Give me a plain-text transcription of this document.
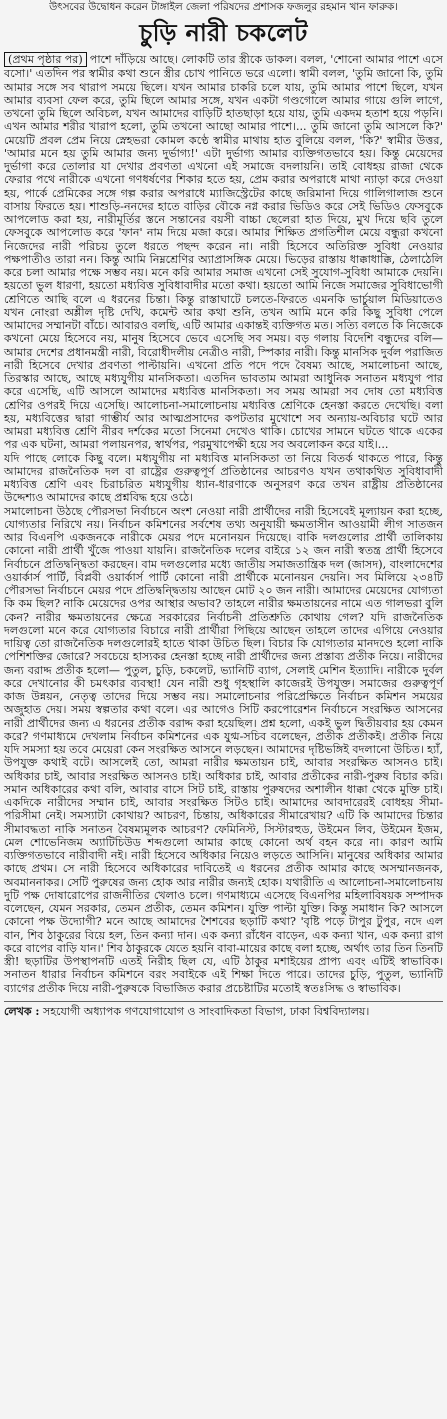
উৎসবের উদ্বোধন করেন টাঙ্গাইল জেলা পরিষদের প্রশাসক ফজলুর রহমান খান ফারুক।
চুড়ি নারী চকলেট

(প্রথম পৃষ্ঠার পর) পাশে দাঁড়িয়ে আছে। লোকটি তার স্ত্রীকে ডাকল। বলল, 'শোনো আমার পাশে এসে বসো।' এতদিন পর স্বামীর কথা শুনে স্ত্রীর চোখ পানিতে ভরে এলো। স্বামী বলল, 'তুমি জানো কি, তুমি আমার সঙ্গে সব থারাপ সময়ে ছিলে। যখন আমার চাকরি চলে যায়, তুমি আমার পাশে ছিলে, যখন আমার ব্যবসা ফেল করে, তুমি ছিলে আমার সঙ্গে, যখন একটা গণ্ডগোলে আমার গায়ে গুলি লাগে, তখনো তুমি ছিলে অবিচল, যখন আমাদের বাড়িটি হাতছাড়া হয়ে যায়, তুমি একদম হতাশ হয়ে পড়নি। এখন আমার শরীর খারাপ হলো, তুমি তখনো আছো আমার পাশে।... তুমি জানো তুমি আসলে কি?' মেয়েটি প্রবল প্রেম নিয়ে স্নেহভরা কোমল কণ্ঠে স্বামীর মাথায় হাত বুলিয়ে বলল, 'কি?' স্বামীর উত্তর, 'আমার মনে হয় তুমি আমার জন্য দুর্ভাগ্য!' এটা দুর্ভাগ্য আমার ব্যক্তিগতভাবে হয়। কিন্তু মেয়েদের দুর্ভাগা করে তোলার যা দেখার প্রবণতা এখনো এই সমাজে বদলায়নি। তাই বোধহয় রাজা থেকে ফেরার পথে নারীকে এখনো গণধর্ষণের শিকার হতে হয়, প্রেম করার অপরাধে মাথা ন্যাড়া করে দেওয়া হয়, পার্কে প্রেমিকের সঙ্গে গল্প করার অপরাধে ম্যাজিস্ট্রেটের কাছে জরিমানা দিয়ে গালিগালাজ শুনে বাসায় ফিরতে হয়। শাশুড়ি-ননদের হাতে বাড়ির বৌকে নগ্ন করার ভিডিও করে সেই ভিডিও ফেসবুকে আপলোড করা হয়, নারীমূর্তির স্তনে সন্তানের বয়সী বাচ্চা ছেলেরা হাত দিয়ে, মুখ দিয়ে ছবি তুলে ফেসবুকে আপলোড করে 'ফান' নাম দিয়ে মজা করে। আমার শিক্ষিত প্রগতিশীল মেয়ে বন্ধুরা কখনো নিজেদের নারী পরিচয় তুলে ধরতে পছন্দ করেন না। নারী হিসেবে অতিরিক্ত সুবিধা নেওয়ার পক্ষপাতীও তারা নন। কিন্তু আমি নিম্নশ্রেণির অ্যাপ্রাসঙ্গিক মেয়ে। ভিড়ের রাস্তায় ধাক্কাধাক্কি, ঠেলাঠেলি করে চলা আমার পক্ষে সম্ভব নয়। মনে করি আমার সমাজ এখনো সেই সুযোগ-সুবিধা আমাকে দেয়নি। হয়তো ভুল ধারণা, হয়তো মধ্যবিত্ত সুবিধাবাদীর মতো কথা। হয়তো আমি নিজে সমাজের সুবিধাভোগী শ্রেণিতে আছি বলে এ ধরনের চিন্তা। কিন্তু রাস্তাঘাটে চলতে-ফিরতে এমনকি ভার্চুয়াল মিডিয়াতেও যখন নোংরা অশ্লীল দৃষ্টি দেখি, কমেন্ট আর কথা শুনি, তখন আমি মনে করি কিছু সুবিধা পেলে আমাদের সম্মানটা বাঁচে। আবারও বলছি, এটি আমার একান্তই ব্যক্তিগত মত। সত্যি বলতে কি নিজেকে কখনো মেয়ে হিসেবে নয়, মানুষ হিসেবে ভেবে এসেছি সব সময়। বড় গলায় বিদেশি বন্ধুদের বলি— আমার দেশের প্রধানমন্ত্রী নারী, বিরোধীদলীয় নেত্রীও নারী, স্পিকার নারী। কিন্তু মানসিক দুর্বল পরাজিত নারী হিসেবে দেখার প্রবণতা পাল্টায়নি। এখনো প্রতি পদে পদে বৈষম্য আছে, সমালোচনা আছে, তিরস্কার আছে, আছে মধ্যযুগীয় মানসিকতা। এতদিন ভাবতাম আমরা আধুনিক সনাতন মধ্যযুগ পার করে এসেছি, এটি আসলে আমাদের মধ্যবিত্ত মানসিকতা। সব সময় আমরা সব দোষ তো মধ্যবিত্ত শ্রেণির ওপরই দিয়ে এসেছি। আলোচনা-সমালোচনায় মধ্যবিত্ত শ্রেণিকে হেনস্তা করতে দেখেছি। বলা হয়, মধ্যবিত্তের দ্বারা গাম্ভীর্য আর আত্মপ্রসাদের কপটতার মুখোশে সব অন্যায়-অবিচার ঘটে আর আমরা মধ্যবিত্ত শ্রেণি নীরব দর্শকের মতো সিনেমা দেখেও থাকি। চোখের সামনে ঘটতে থাকে একের পর এক ঘটনা, আমরা পলায়নপর, স্বার্থপর, পরমুখাপেক্ষী হয়ে সব অবলোকন করে যাই।...

যদি পাছে লোকে কিছু বলে। মধ্যযুগীয় না মধ্যবিত্ত মানসিকতা তা নিয়ে বিতর্ক থাকতে পারে, কিন্তু আমাদের রাজনৈতিক দল বা রাষ্ট্রের গুরুত্বপূর্ণ প্রতিষ্ঠানের আচরণও যখন তথাকথিত সুবিধাবাদী মধ্যবিত্ত শ্রেণি এবং চিরাচরিত মধ্যযুগীয় ধ্যান-ধারণাকে অনুসরণ করে তখন রাষ্ট্রীয় প্রতিষ্ঠানের উদ্দেশ্যও আমাদের কাছে প্রশ্নবিদ্ধ হয়ে ওঠে।

সমালোচনা উঠছে পৌরসভা নির্বাচনে অংশ নেওয়া নারী প্রার্থীদের নারী হিসেবেই মূল্যায়ন করা হচ্ছে, যোগ্যতার নিরিখে নয়। নির্বাচন কমিশনের সর্বশেষ তথ্য অনুযায়ী ক্ষমতাসীন আওয়ামী লীগ সাতজন আর বিএনপি একজনকে নারীকে মেয়র পদে মনোনয়ন দিয়েছে। বাকি দলগুলোর প্রার্থী তালিকায় কোনো নারী প্রার্থী খুঁজে পাওয়া যায়নি। রাজনৈতিক দলের বাইরে ১২ জন নারী স্বতন্ত্র প্রার্থী হিসেবে নির্বাচনে প্রতিদ্বন্দ্বিতা করছেন। বাম দলগুলোর মধ্যে জাতীয় সমাজতান্ত্রিক দল (জাসদ), বাংলাদেশের ওয়ার্কার্স পার্টি, বিপ্লবী ওয়ার্কার্স পার্টি কোনো নারী প্রার্থীকে মনোনয়ন দেয়নি। সব মিলিয়ে ২৩৪টি পৌরসভা নির্বাচনে মেয়র পদে প্রতিদ্বন্দ্বিতায় আছেন মোট ২০ জন নারী। আমাদের মেয়েদের যোগ্যতা কি কম ছিল? নাকি মেয়েদের ওপর আস্থার অভাব? তাহলে নারীর ক্ষমতায়নের নামে এত গালভরা বুলি কেন? নারীর ক্ষমতায়নের ক্ষেত্রে সরকারের নির্বাচনী প্রতিশ্রুতি কোথায় গেল? যদি রাজনৈতিক দলগুলো মনে করে যোগ্যতার বিচারে নারী প্রার্থীরা পিছিয়ে আছেন তাহলে তাদের এগিয়ে নেওয়ার দায়িত্ব তো রাজনৈতিক দলগুলোরই হাতে থাকা উচিত ছিল। বিচার কি যোগ্যতার মানদণ্ডে হলো নাকি পেশিশক্তির জোরে? সবচেয়ে হাস্যকর হেনস্তা হচ্ছে নারী প্রার্থীদের জন্য প্রস্তাব্য প্রতীক নিয়ে। নারীদের জন্য বরাদ্দ প্রতীক হলো— পুতুল, চুড়ি, চকলেট, ভ্যানিটি ব্যাগ, সেলাই মেশিন ইত্যাদি। নারীকে দুর্বল করে দেখানোর কী চমৎকার ব্যবস্থা! যেন নারী শুধু গৃহস্থালি কাজেরই উপযুক্ত। সমাজের গুরুত্বপূর্ণ কাজ উন্নয়ন, নেতৃত্ব তাদের দিয়ে সম্ভব নয়। সমালোচনার পরিপ্রেক্ষিতে নির্বাচন কমিশন সময়ের অজুহাত দেয়। সময় স্বল্পতার কথা বলে। এর আগেও সিটি করপোরেশন নির্বাচনে সংরক্ষিত আসনের নারী প্রার্থীদের জন্য এ ধরনের প্রতীক বরাদ্দ করা হয়েছিল। প্রশ্ন হলো, একই ভুল দ্বিতীয়বার হয় কেমন করে? গণমাধ্যমে দেখলাম নির্বাচন কমিশনের এক যুগ্ম-সচিব বলেছেন, প্রতীক প্রতীকই। প্রতীক নিয়ে যদি সমস্যা হয় তবে মেয়েরা কেন সংরক্ষিত আসনে লড়ছেন। আমাদের দৃষ্টিভঙ্গিই বদলানো উচিত। হ্যাঁ, উপযুক্ত কথাই বটে। আসলেই তো, আমরা নারীর ক্ষমতায়ন চাই, আবার সংরক্ষিত আসনও চাই। অধিকার চাই, আবার সংরক্ষিত আসনও চাই। অধিকার চাই, আবার প্রতীকের নারী-পুরুষ বিচার করি। সমান অধিকারের কথা বলি, আবার বাসে সিট চাই, রাস্তায় পুরুষদের অশালীন ধাক্কা থেকে মুক্তি চাই। একদিকে নারীদের সম্মান চাই, আবার সংরক্ষিত সিটও চাই। আমাদের আবদারেরই বোধহয় সীমা-পরিসীমা নেই। সমস্যাটা কোথায়? আচরণ, চিন্তায়, অধিকারের সীমারেখায়? এটি কি আমাদের চিন্তার সীমাবদ্ধতা নাকি সনাতন বৈষম্যমূলক আচরণ? ফেমিনিস্ট, সিস্টারহুড, উইমেন লিব, উইমেন ইজম, মেল শোভেনিজম অ্যাটিচিউড শব্দগুলো আমার কাছে কোনো অর্থ বহন করে না। কারণ আমি ব্যক্তিগতভাবে নারীবাদী নই। নারী হিসেবে অধিকার নিয়েও লড়তে আসিনি। মানুষের অধিকার আমার কাছে প্রথম। সে নারী হিসেবে অধিকারের দাবিতেই এ ধরনের প্রতীক আমার কাছে অসম্মানজনক, অবমাননাকর। সেটি পুরুষের জন্য হোক আর নারীর জন্যই হোক। যথারীতি এ আলোচনা-সমালোচনায় দুটি পক্ষ দোষারোপের রাজনীতির খেলাও চলে। গণমাধ্যমে এসেছে বিএনপির মহিলাবিষয়ক সম্পাদক বলেছেন, যেমন সরকার, তেমন প্রতীক, তেমন কমিশন। যুক্তি পাল্টা যুক্তি। কিন্তু সমাধান কি? আসলে কোনো পক্ষ উদ্যোগী? মনে আছে আমাদের শৈশবের ছড়াটি কথা? 'বৃষ্টি পড়ে টাপুর টুপুর, নদে এল বান, শিব ঠাকুরের বিয়ে হল, তিন কন্যা দান। এক কন্যা রাঁধেন বাড়েন, এক কন্যা খান, এক কন্যা রাগ করে বাপের বাড়ি যান।' শিব ঠাকুরকে যেতে হয়নি বাবা-মায়ের কাছে বলা হচ্ছে, অর্থাৎ তার তিন তিনটি স্ত্রী! ছড়াটির উপস্থাপনটি এতই নিরীহ ছিল যে, এটি ঠাকুর মশাইয়ের প্রাপ্য এবং এটিই স্বাভাবিক। সনাতন ধারার নির্বাচন কমিশনে বরং সবাইকে এই শিক্ষা দিতে পারে। তাদের চুড়ি, পুতুল, ভ্যানিটি ব্যাগের প্রতীক দিয়ে নারী-পুরুষকে বিভাজিত করার প্রচেষ্টাটির মতোই স্বতঃসিদ্ধ ও স্বাভাবিক।

লেখক : সহযোগী অধ্যাপক গণযোগাযোগ ও সাংবাদিকতা বিভাগ, ঢাকা বিশ্ববিদ্যালয়।
